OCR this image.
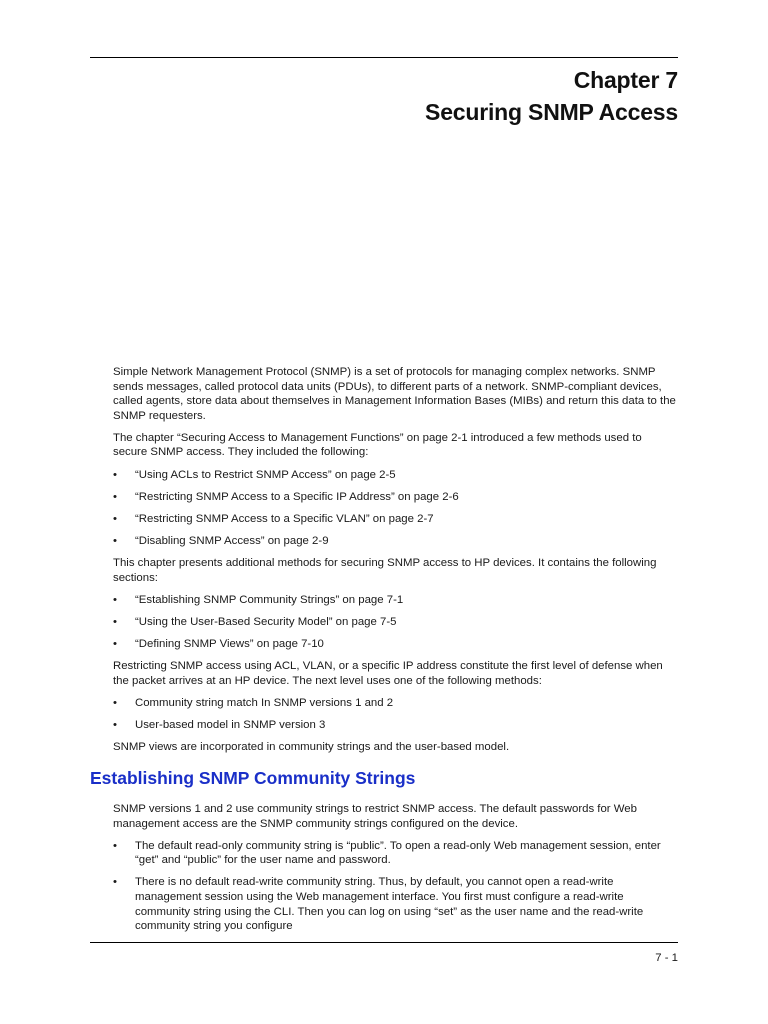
Chapter 7
Securing SNMP Access

Simple Network Management Protocol (SNMP) is a set of protocols for managing complex networks. SNMP sends messages, called protocol data units (PDUs), to different parts of a network. SNMP-compliant devices, called agents, store data about themselves in Management Information Bases (MIBs) and return this data to the SNMP requesters.

The chapter “Securing Access to Management Functions” on page 2-1 introduced a few methods used to secure SNMP access. They included the following:

• “Using ACLs to Restrict SNMP Access” on page 2-5
• “Restricting SNMP Access to a Specific IP Address” on page 2-6
• “Restricting SNMP Access to a Specific VLAN” on page 2-7
• “Disabling SNMP Access” on page 2-9

This chapter presents additional methods for securing SNMP access to HP devices. It contains the following sections:

• “Establishing SNMP Community Strings” on page 7-1
• “Using the User-Based Security Model” on page 7-5
• “Defining SNMP Views” on page 7-10

Restricting SNMP access using ACL, VLAN, or a specific IP address constitute the first level of defense when the packet arrives at an HP device. The next level uses one of the following methods:

• Community string match In SNMP versions 1 and 2
• User-based model in SNMP version 3

SNMP views are incorporated in community strings and the user-based model.

Establishing SNMP Community Strings

SNMP versions 1 and 2 use community strings to restrict SNMP access. The default passwords for Web management access are the SNMP community strings configured on the device.

• The default read-only community string is “public”. To open a read-only Web management session, enter “get” and “public” for the user name and password.
• There is no default read-write community string. Thus, by default, you cannot open a read-write management session using the Web management interface. You first must configure a read-write community string using the CLI. Then you can log on using “set” as the user name and the read-write community string you configure
7 - 1
